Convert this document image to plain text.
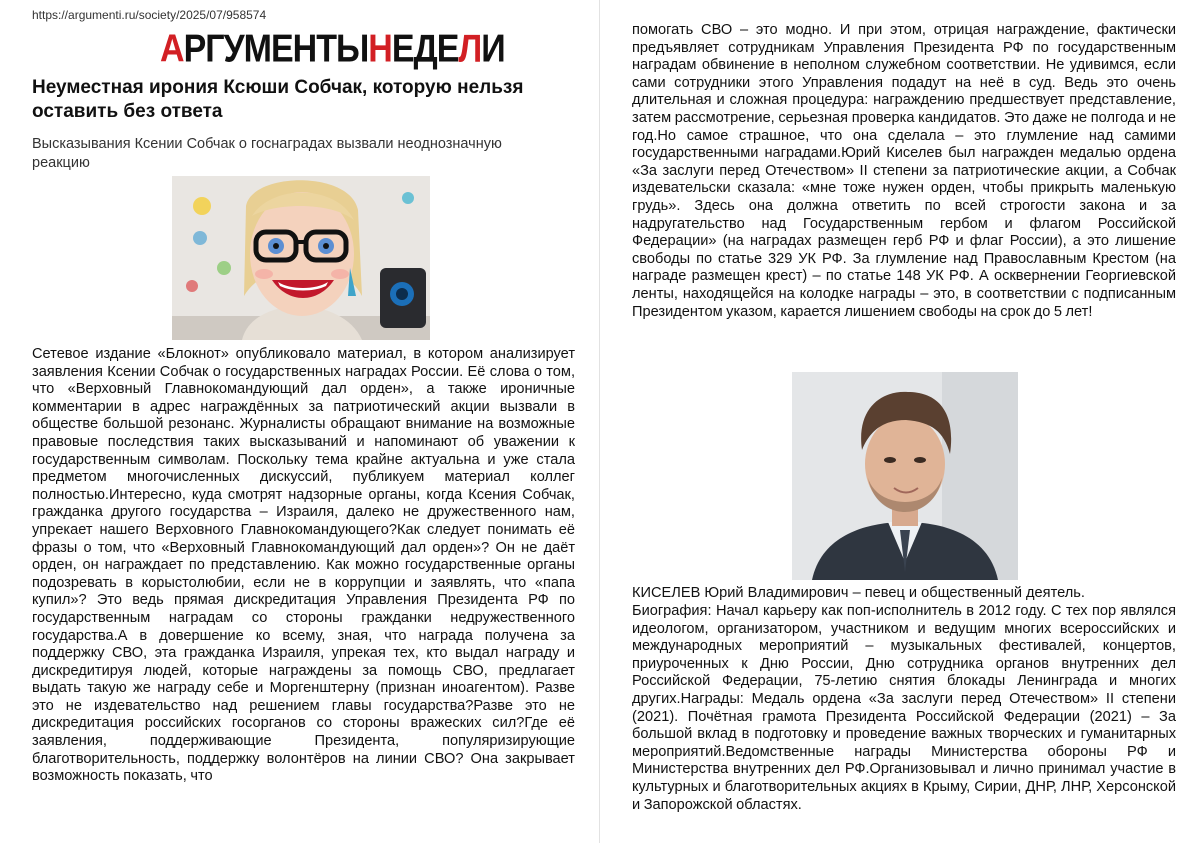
https://argumenti.ru/society/2025/07/958574
А РГУМЕНТЫ Н ЕДЕ Л И
Неуместная ирония Ксюши Собчак, которую нельзя оставить без ответа
Высказывания Ксении Собчак о госнаградах вызвали неоднозначную реакцию
Сетевое издание «Блокнот» опубликовало материал, в котором анализирует заявления Ксении Собчак о государственных наградах России. Её слова о том, что «Верховный Главнокомандующий дал орден», а также ироничные комментарии в адрес награждённых за патриотический акции вызвали в обществе большой резонанс. Журналисты обращают внимание на возможные правовые последствия таких высказываний и напоминают об уважении к государственным символам. Поскольку тема крайне актуальна и уже стала предметом многочисленных дискуссий, публикуем материал коллег полностью.Интересно, куда смотрят надзорные органы, когда Ксения Собчак, гражданка другого государства – Израиля, далеко не дружественного нам, упрекает нашего Верховного Главнокомандующего?Как следует понимать её фразы о том, что «Верховный Главнокомандующий дал орден»? Он не даёт орден, он награждает по представлению. Как можно государственные органы подозревать в корыстолюбии, если не в коррупции и заявлять, что «папа купил»? Это ведь прямая дискредитация Управления Президента РФ по государственным наградам со стороны гражданки недружественного государства.А в довершение ко всему, зная, что награда получена за поддержку СВО, эта гражданка Израиля, упрекая тех, кто выдал награду и дискредитируя людей, которые награждены за помощь СВО, предлагает выдать такую же награду себе и Моргенштерну (признан иноагентом). Разве это не издевательство над решением главы государства?Разве это не дискредитация российских госорганов со стороны вражеских сил?Где её заявления, поддерживающие Президента, популяризирующие благотворительность, поддержку волонтёров на линии СВО? Она закрывает возможность показать, что
помогать СВО – это модно. И при этом, отрицая награждение, фактически предъявляет сотрудникам Управления Президента РФ по государственным наградам обвинение в неполном служебном соответствии. Не удивимся, если сами сотрудники этого Управления подадут на неё в суд. Ведь это очень длительная и сложная процедура: награждению предшествует представление, затем рассмотрение, серьезная проверка кандидатов. Это даже не полгода и не год.Но самое страшное, что она сделала – это глумление над самими государственными наградами.Юрий Киселев был награжден медалью ордена «За заслуги перед Отечеством» II степени за патриотические акции, а Собчак издевательски сказала: «мне тоже нужен орден, чтобы прикрыть маленькую грудь». Здесь она должна ответить по всей строгости закона и за надругательство над Государственным гербом и флагом Российской Федерации» (на наградах размещен герб РФ и флаг России), а это лишение свободы по статье 329 УК РФ. За глумление над Православным Крестом (на награде размещен крест) – по статье 148 УК РФ. А осквернении Георгиевской ленты, находящейся на колодке награды – это, в соответствии с подписанным Президентом указом, карается лишением свободы на срок до 5 лет!
КИСЕЛЕВ Юрий Владимирович – певец и общественный деятель.
Биография: Начал карьеру как поп-исполнитель в 2012 году. С тех пор являлся идеологом, организатором, участником и ведущим многих всероссийских и международных мероприятий – музыкальных фестивалей, концертов, приуроченных к Дню России, Дню сотрудника органов внутренних дел Российской Федерации, 75-летию снятия блокады Ленинграда и многих других.Награды: Медаль ордена «За заслуги перед Отечеством» II степени (2021). Почётная грамота Президента Российской Федерации (2021) – За большой вклад в подготовку и проведение важных творческих и гуманитарных мероприятий.Ведомственные награды Министерства обороны РФ и Министерства внутренних дел РФ.Организовывал и лично принимал участие в культурных и благотворительных акциях в Крыму, Сирии, ДНР, ЛНР, Херсонской и Запорожской областях.
